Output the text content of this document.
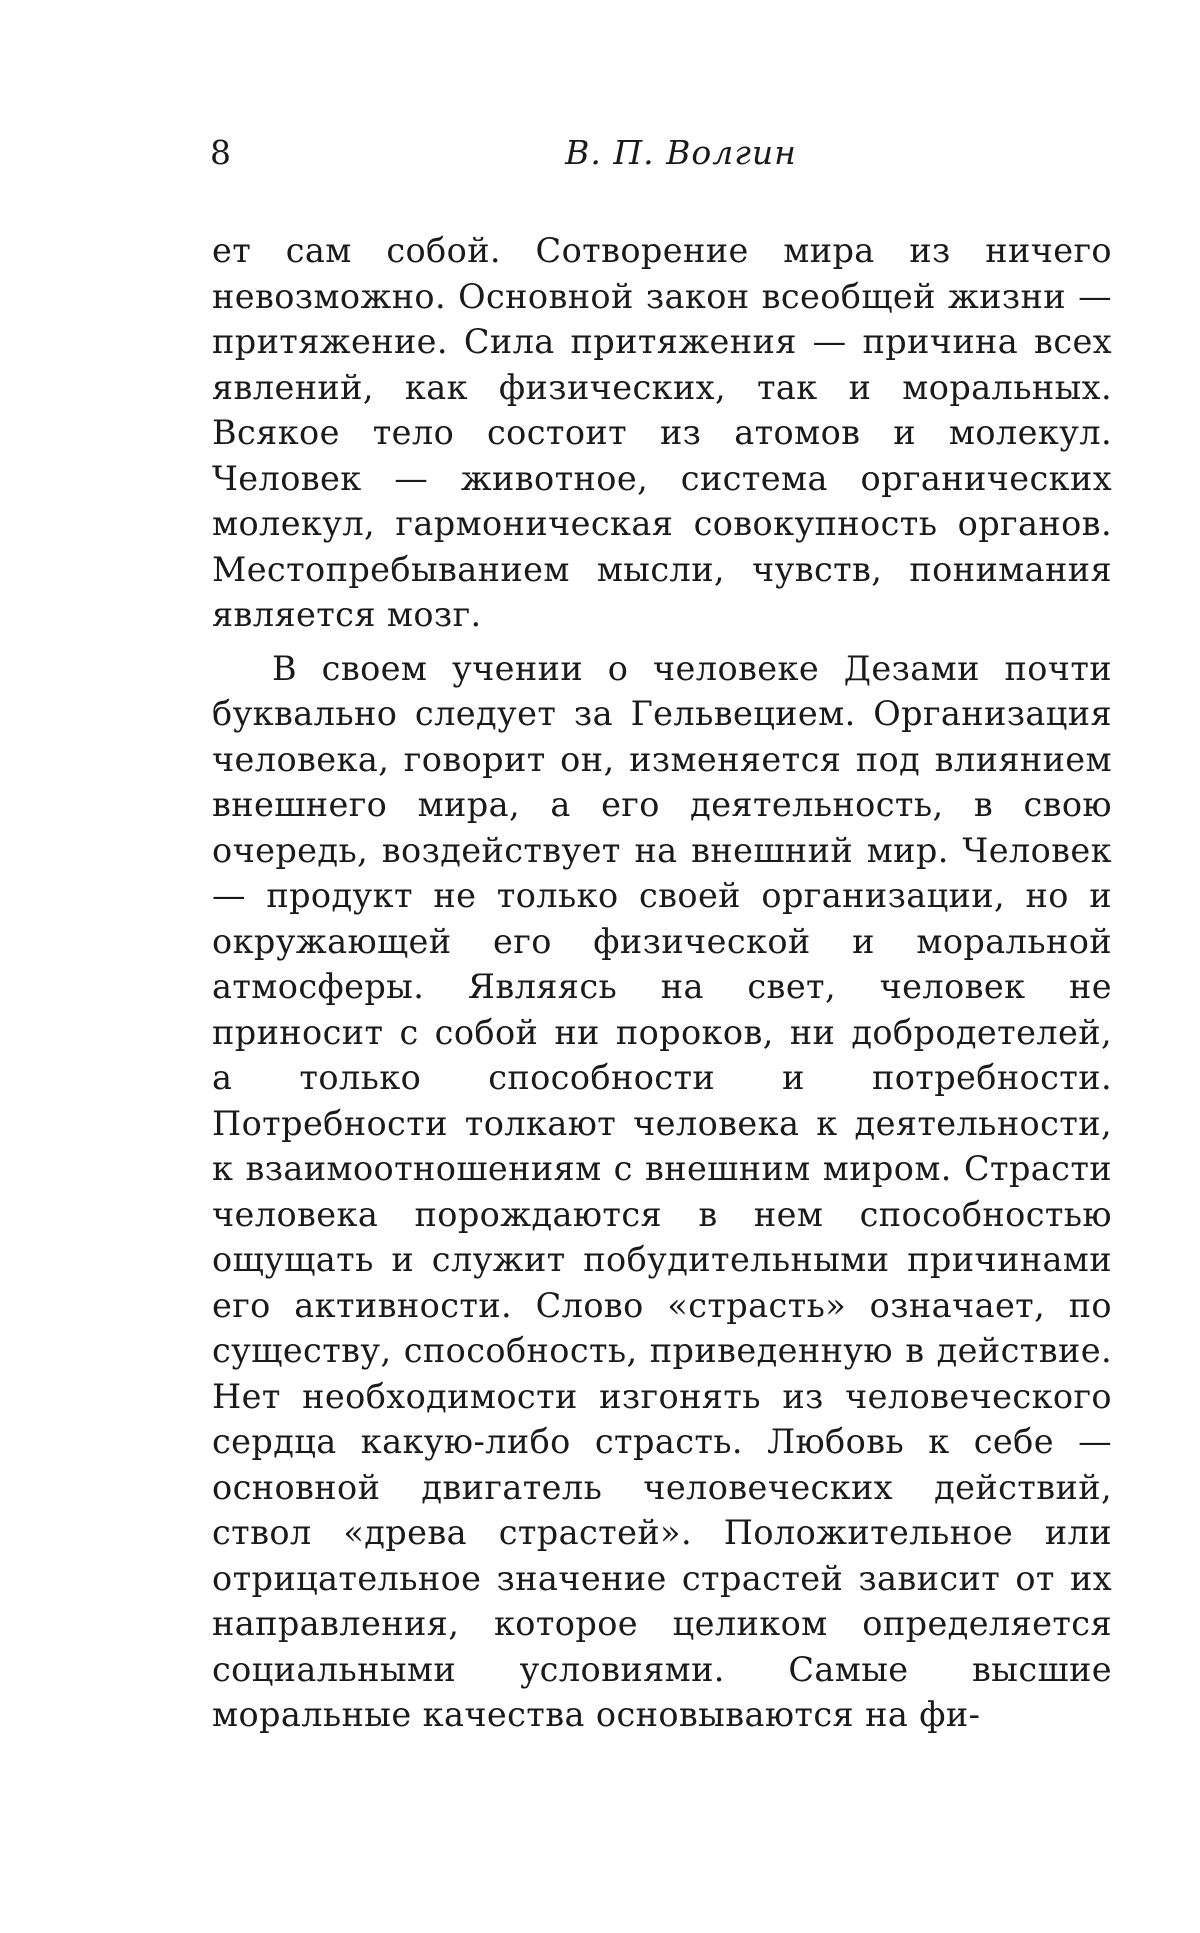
8	В. П. Волгин

ет сам собой. Сотворение мира из ничего невозможно. Основной закон всеобщей жизни — притяжение. Сила притяжения — причина всех явлений, как физических, так и моральных. Всякое тело состоит из атомов и молекул. Человек — животное, система органических молекул, гармоническая совокупность органов. Местопребыванием мысли, чувств, понимания является мозг.

В своем учении о человеке Дезами почти буквально следует за Гельвецием. Организация человека, говорит он, изменяется под влиянием внешнего мира, а его деятельность, в свою очередь, воздействует на внешний мир. Человек — продукт не только своей организации, но и окружающей его физической и моральной атмосферы. Являясь на свет, человек не приносит с собой ни пороков, ни добродетелей, а только способности и потребности. Потребности толкают человека к деятельности, к взаимоотношениям с внешним миром. Страсти человека порождаются в нем способностью ощущать и служит побудительными причинами его активности. Слово «страсть» означает, по существу, способность, приведенную в действие. Нет необходимости изгонять из человеческого сердца какую-либо страсть. Любовь к себе — основной двигатель человеческих действий, ствол «древа страстей». Положительное или отрицательное значение страстей зависит от их направления, которое целиком определяется социальными условиями. Самые высшие моральные качества основываются на фи-
